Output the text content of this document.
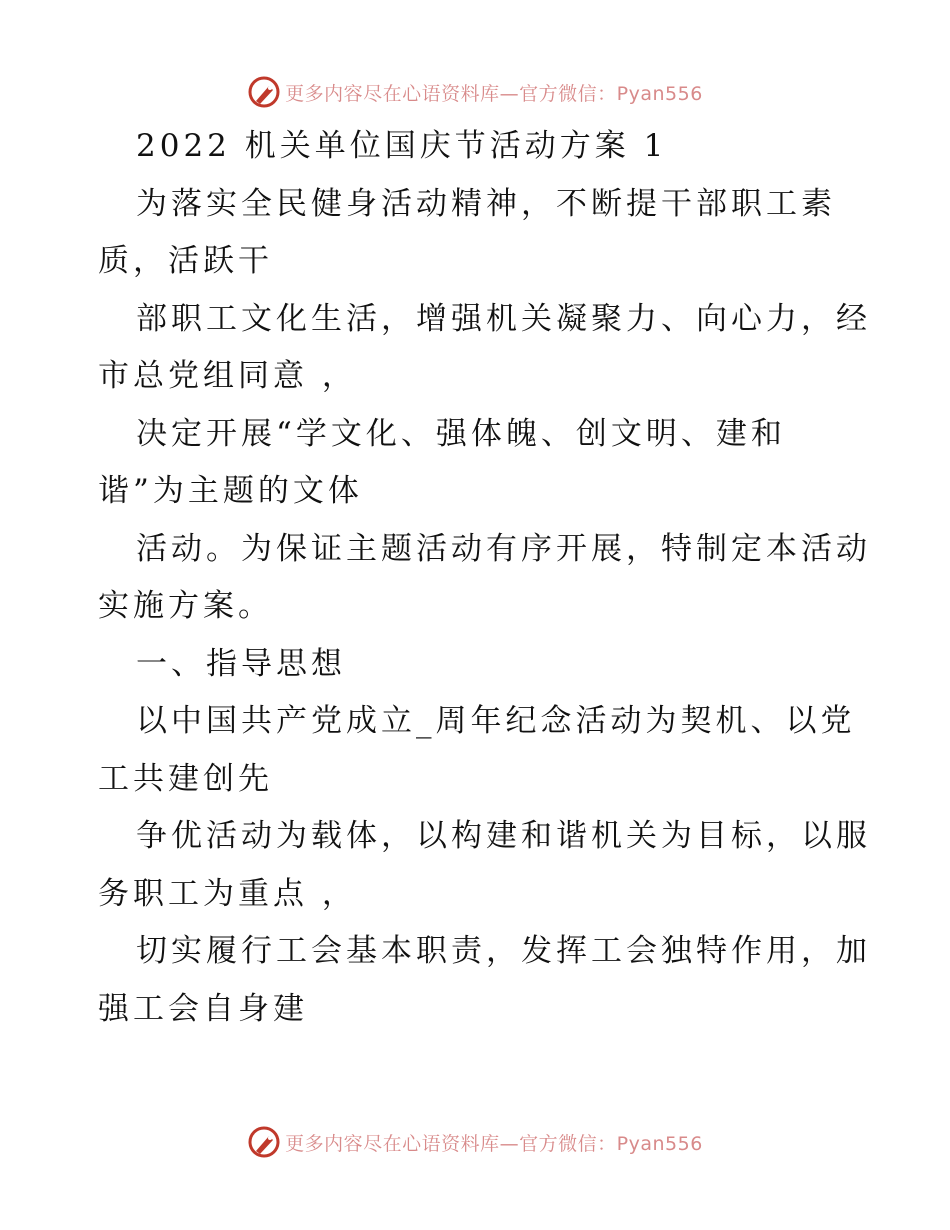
更多内容尽在心语资料库—官方微信：Pyan556
2022 机关单位国庆节活动方案 1
为落实全民健身活动精神，不断提干部职工素
质，活跃干
部职工文化生活，增强机关凝聚力、向心力，经
市总党组同意 ，
决定开展“学文化、强体魄、创文明、建和
谐”为主题的文体
活动。为保证主题活动有序开展，特制定本活动
实施方案。
一、指导思想
以中国共产党成立_周年纪念活动为契机、以党
工共建创先
争优活动为载体，以构建和谐机关为目标，以服
务职工为重点 ，
切实履行工会基本职责，发挥工会独特作用，加
强工会自身建
更多内容尽在心语资料库—官方微信：Pyan556
